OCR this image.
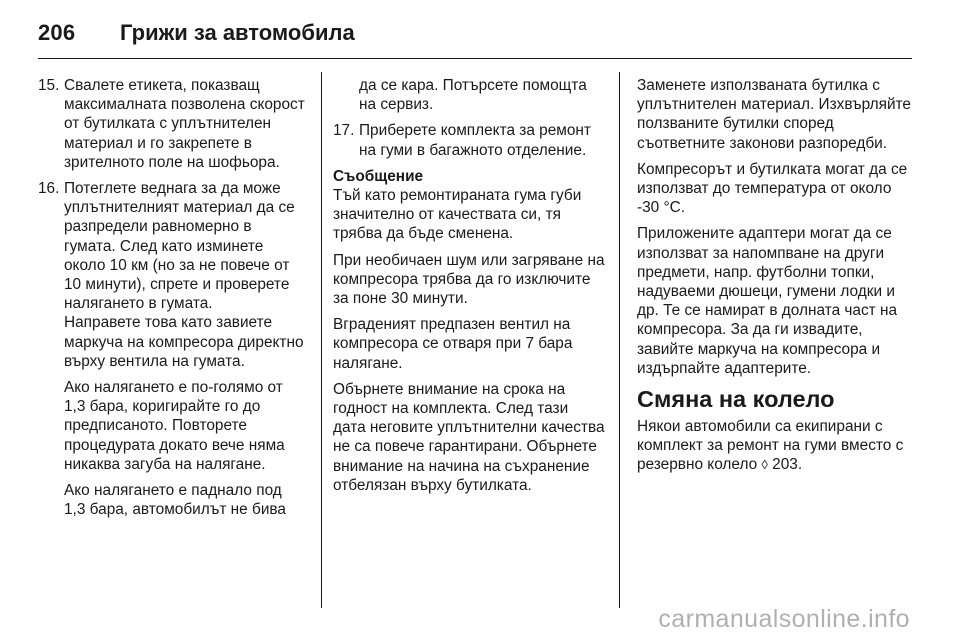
206 Грижи за автомобила
15. Свалете етикета, показващ максималната позволена скорост от бутилката с уплътнителен материал и го закрепете в зрителното поле на шофьора.

16. Потеглете веднага за да може уплътнителният материал да се разпредели равномерно в гумата. След като изминете около 10 км (но за не повече от 10 минути), спрете и проверете налягането в гумата.

Направете това като завиете маркуча на компресора директно върху вентила на гумата.

Ако налягането е по-голямо от 1,3 бара, коригирайте го до предписаното. Повторете процедурата докато вече няма никаква загуба на налягане.

Ако налягането е паднало под 1,3 бара, автомобилът не бива

да се кара. Потърсете помощта на сервиз.

17. Приберете комплекта за ремонт на гуми в багажното отделение.

Съобщение

Тъй като ремонтираната гума губи значително от качествата си, тя трябва да бъде сменена.

При необичаен шум или загряване на компресора трябва да го изключите за поне 30 минути.

Вграденият предпазен вентил на компресора се отваря при 7 бара налягане.

Обърнете внимание на срока на годност на комплекта. След тази дата неговите уплътнителни качества не са повече гарантирани. Обърнете внимание на начина на съхранение отбелязан върху бутилката.

Заменете използваната бутилка с уплътнителен материал. Изхвърляйте ползваните бутилки според съответните законови разпоредби.

Компресорът и бутилката могат да се използват до температура от около -30 °C.

Приложените адаптери могат да се използват за напомпване на други предмети, напр. футболни топки, надуваеми дюшеци, гумени лодки и др. Те се намират в долната част на компресора. За да ги извадите, завийте маркуча на компресора и издърпайте адаптерите.

Смяна на колело

Някои автомобили са екипирани с комплект за ремонт на гуми вместо с резервно колело ◊ 203.

carmanualsonline.info
